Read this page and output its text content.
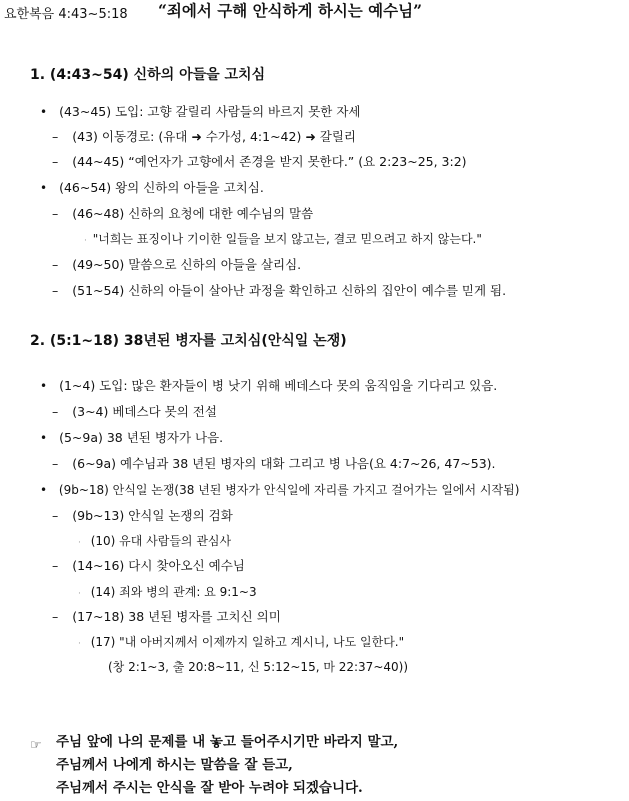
요한복음 4:43~5:18 “죄에서 구해 안식하게 하시는 예수님”
1. (4:43~54) 신하의 아들을 고치심
• (43~45) 도입: 고향 갈릴리 사람들의 바르지 못한 자세
– (43) 이동경로: (유대 ➜ 수가성, 4:1~42) ➜ 갈릴리
– (44~45) “예언자가 고향에서 존경을 받지 못한다.” (요 2:23~25, 3:2)
• (46~54) 왕의 신하의 아들을 고치심.
– (46~48) 신하의 요청에 대한 예수님의 말씀
· "너희는 표징이나 기이한 일들을 보지 않고는, 결코 믿으려고 하지 않는다."
– (49~50) 말씀으로 신하의 아들을 살리심.
– (51~54) 신하의 아들이 살아난 과정을 확인하고 신하의 집안이 예수를 믿게 됨.
2. (5:1~18) 38년된 병자를 고치심(안식일 논쟁)
• (1~4) 도입: 많은 환자들이 병 낫기 위해 베데스다 못의 움직임을 기다리고 있음.
– (3~4) 베데스다 못의 전설
• (5~9a) 38 년된 병자가 나음.
– (6~9a) 예수님과 38 년된 병자의 대화 그리고 병 나음(요 4:7~26, 47~53).
• (9b~18) 안식일 논쟁(38 년된 병자가 안식일에 자리를 가지고 걸어가는 일에서 시작됨)
– (9b~13) 안식일 논쟁의 검화
· (10) 유대 사람들의 관심사
– (14~16) 다시 찾아오신 예수님
· (14) 죄와 병의 관계: 요 9:1~3
– (17~18) 38 년된 병자를 고치신 의미
· (17) "내 아버지께서 이제까지 일하고 계시니, 나도 일한다."
(창 2:1~3, 출 20:8~11, 신 5:12~15, 마 22:37~40))
☞ 주님 앞에 나의 문제를 내 놓고 들어주시기만 바라지 말고,
주님께서 나에게 하시는 말씀을 잘 듣고,
주님께서 주시는 안식을 잘 받아 누려야 되겠습니다.
